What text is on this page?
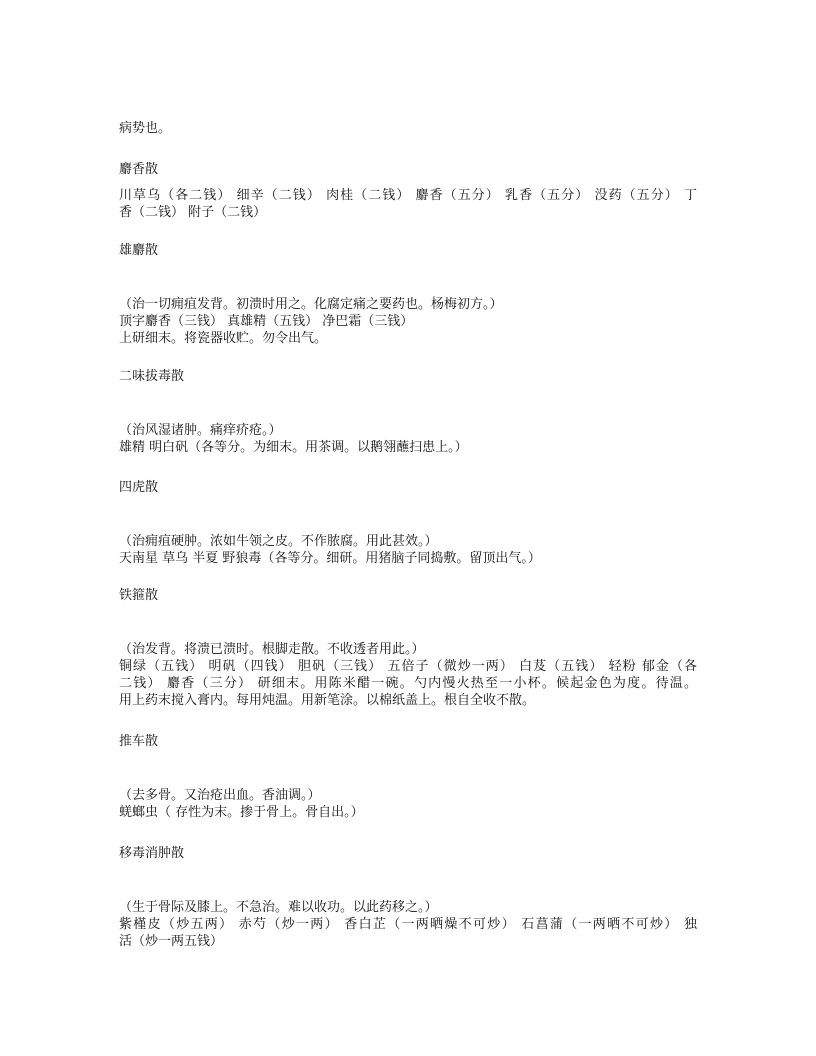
病势也。
麝香散
川草乌（各二钱） 细辛（二钱） 肉桂（二钱） 麝香（五分） 乳香（五分） 没药（五分） 丁
香（二钱） 附子（二钱）
雄麝散
（治一切痈疽发背。初溃时用之。化腐定痛之要药也。杨梅初方。）
顶字麝香（三钱） 真雄精（五钱） 净巴霜（三钱）
上研细末。将瓷器收贮。勿令出气。
二味拔毒散
（治风湿诸肿。痛痒疥疮。）
雄精 明白矾（各等分。为细末。用茶调。以鹅翎蘸扫患上。）
四虎散
（治痈疽硬肿。浓如牛领之皮。不作脓腐。用此甚效。）
天南星 草乌 半夏 野狼毒（各等分。细研。用猪脑子同捣敷。留顶出气。）
铁箍散
（治发背。将溃已溃时。根脚走散。不收透者用此。）
铜绿（五钱） 明矾（四钱） 胆矾（三钱） 五倍子（微炒一两） 白芨（五钱） 轻粉 郁金（各
二钱） 麝香（三分） 研细末。用陈米醋一碗。勺内慢火热至一小杯。候起金色为度。待温。
用上药末搅入膏内。每用炖温。用新笔涂。以棉纸盖上。根自全收不散。
推车散
（去多骨。又治疮出血。香油调。）
蜣螂虫（ 存性为末。掺于骨上。骨自出。）
移毒消肿散
（生于骨际及膝上。不急治。难以收功。以此药移之。）
紫槿皮（炒五两） 赤芍（炒一两） 香白芷（一两晒燥不可炒） 石菖蒲（一两晒不可炒） 独
活（炒一两五钱）
